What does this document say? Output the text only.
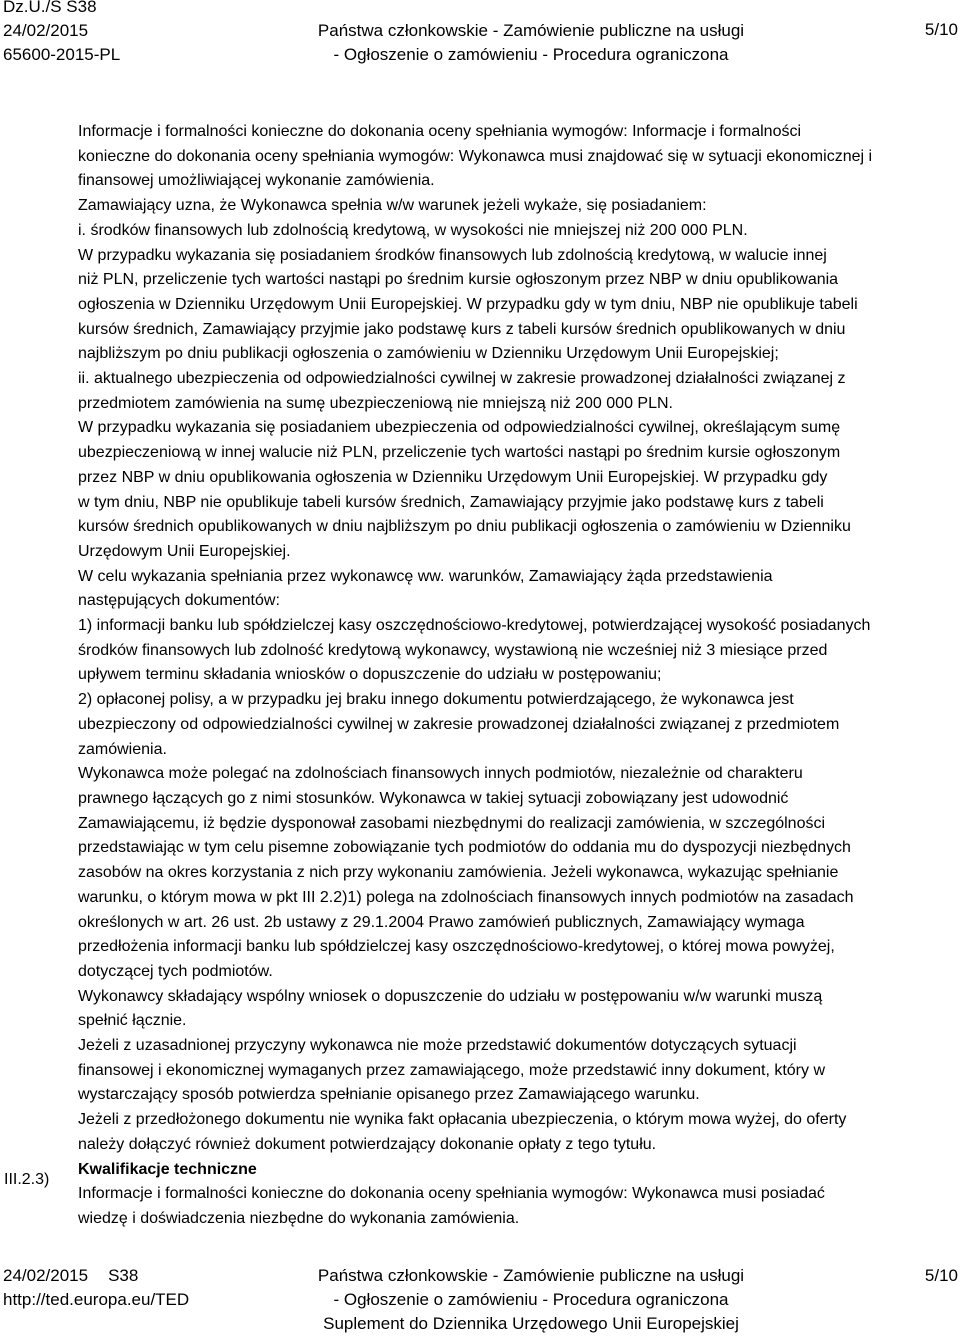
Dz.U./S S38
24/02/2015
65600-2015-PL

Państwa członkowskie - Zamówienie publiczne na usługi
- Ogłoszenie o zamówieniu - Procedura ograniczona
5/10

Informacje i formalności konieczne do dokonania oceny spełniania wymogów: Informacje i formalności

konieczne do dokonania oceny spełniania wymogów: Wykonawca musi znajdować się w sytuacji ekonomicznej i

finansowej umożliwiającej wykonanie zamówienia.

Zamawiający uzna, że Wykonawca spełnia w/w warunek jeżeli wykaże, się posiadaniem:

i. środków finansowych lub zdolnością kredytową, w wysokości nie mniejszej niż 200 000 PLN.

W przypadku wykazania się posiadaniem środków finansowych lub zdolnością kredytową, w walucie innej

niż PLN, przeliczenie tych wartości nastąpi po średnim kursie ogłoszonym przez NBP w dniu opublikowania

ogłoszenia w Dzienniku Urzędowym Unii Europejskiej. W przypadku gdy w tym dniu, NBP nie opublikuje tabeli

kursów średnich, Zamawiający przyjmie jako podstawę kurs z tabeli kursów średnich opublikowanych w dniu

najbliższym po dniu publikacji ogłoszenia o zamówieniu w Dzienniku Urzędowym Unii Europejskiej;

ii. aktualnego ubezpieczenia od odpowiedzialności cywilnej w zakresie prowadzonej działalności związanej z

przedmiotem zamówienia na sumę ubezpieczeniową nie mniejszą niż 200 000 PLN.

W przypadku wykazania się posiadaniem ubezpieczenia od odpowiedzialności cywilnej, określającym sumę

ubezpieczeniową w innej walucie niż PLN, przeliczenie tych wartości nastąpi po średnim kursie ogłoszonym

przez NBP w dniu opublikowania ogłoszenia w Dzienniku Urzędowym Unii Europejskiej. W przypadku gdy

w tym dniu, NBP nie opublikuje tabeli kursów średnich, Zamawiający przyjmie jako podstawę kurs z tabeli

kursów średnich opublikowanych w dniu najbliższym po dniu publikacji ogłoszenia o zamówieniu w Dzienniku

Urzędowym Unii Europejskiej.

W celu wykazania spełniania przez wykonawcę ww. warunków, Zamawiający żąda przedstawienia

następujących dokumentów:

1) informacji banku lub spółdzielczej kasy oszczędnościowo-kredytowej, potwierdzającej wysokość posiadanych

środków finansowych lub zdolność kredytową wykonawcy, wystawioną nie wcześniej niż 3 miesiące przed

upływem terminu składania wniosków o dopuszczenie do udziału w postępowaniu;

2) opłaconej polisy, a w przypadku jej braku innego dokumentu potwierdzającego, że wykonawca jest

ubezpieczony od odpowiedzialności cywilnej w zakresie prowadzonej działalności związanej z przedmiotem

zamówienia.

Wykonawca może polegać na zdolnościach finansowych innych podmiotów, niezależnie od charakteru

prawnego łączących go z nimi stosunków. Wykonawca w takiej sytuacji zobowiązany jest udowodnić

Zamawiającemu, iż będzie dysponował zasobami niezbędnymi do realizacji zamówienia, w szczególności

przedstawiając w tym celu pisemne zobowiązanie tych podmiotów do oddania mu do dyspozycji niezbędnych

zasobów na okres korzystania z nich przy wykonaniu zamówienia. Jeżeli wykonawca, wykazując spełnianie

warunku, o którym mowa w pkt III 2.2)1) polega na zdolnościach finansowych innych podmiotów na zasadach

określonych w art. 26 ust. 2b ustawy z 29.1.2004 Prawo zamówień publicznych, Zamawiający wymaga

przedłożenia informacji banku lub spółdzielczej kasy oszczędnościowo-kredytowej, o której mowa powyżej,

dotyczącej tych podmiotów.

Wykonawcy składający wspólny wniosek o dopuszczenie do udziału w postępowaniu w/w warunki muszą

spełnić łącznie.

Jeżeli z uzasadnionej przyczyny wykonawca nie może przedstawić dokumentów dotyczących sytuacji

finansowej i ekonomicznej wymaganych przez zamawiającego, może przedstawić inny dokument, który w

wystarczający sposób potwierdza spełnianie opisanego przez Zamawiającego warunku.

Jeżeli z przedłożonego dokumentu nie wynika fakt opłacania ubezpieczenia, o którym mowa wyżej, do oferty

należy dołączyć również dokument potwierdzający dokonanie opłaty z tego tytułu.

Kwalifikacje techniczne

Informacje i formalności konieczne do dokonania oceny spełniania wymogów: Wykonawca musi posiadać

wiedzę i doświadczenia niezbędne do wykonania zamówienia.

III.2.3)
24/02/2015 S38
http://ted.europa.eu/TED
Państwa członkowskie - Zamówienie publiczne na usługi
- Ogłoszenie o zamówieniu - Procedura ograniczona
Suplement do Dziennika Urzędowego Unii Europejskiej
5/10
